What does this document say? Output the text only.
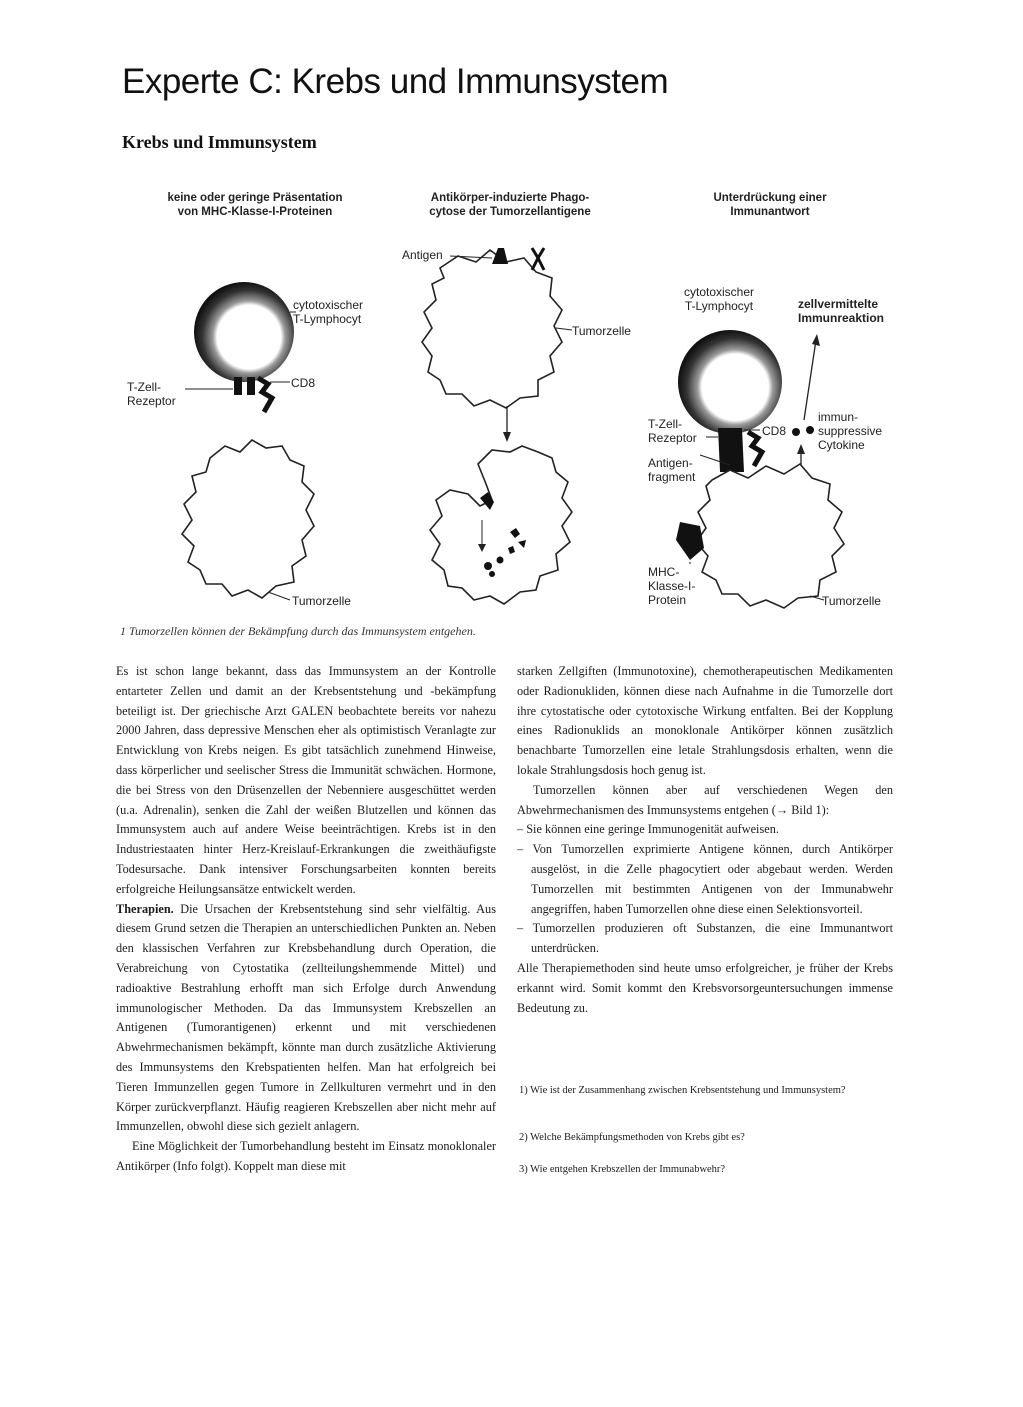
Experte C: Krebs und Immunsystem
Krebs und Immunsystem
keine oder geringe Präsentation
von MHC-Klasse-I-Proteinen
Antikörper-induzierte Phago-
cytose der Tumorzellantigene
Unterdrückung einer
Immunantwort
cytotoxischer
T-Lymphocyt
T-Zell-
Rezeptor
CD8
Tumorzelle
Antigen
Tumorzelle
cytotoxischer
T-Lymphocyt	zellvermittelte
Immunreaktion
T-Zell-
Rezeptor	CD8
immun-
suppressive
Cytokine
Antigen-
fragment
MHC-
Klasse-I-
Protein	Tumorzelle
1 Tumorzellen können der Bekämpfung durch das Immunsystem entgehen.

Es ist schon lange bekannt, dass das Immunsystem an der Kontrolle entarteter Zellen und damit an der Krebsentstehung und -bekämpfung beteiligt ist. Der griechische Arzt GALEN beobachtete bereits vor nahezu 2000 Jahren, dass depressive Menschen eher als optimistisch Veranlagte zur Entwicklung von Krebs neigen. Es gibt tatsächlich zunehmend Hinweise, dass körperlicher und seelischer Stress die Immunität schwächen. Hormone, die bei Stress von den Drüsenzellen der Nebenniere ausgeschüttet werden (u.a. Adrenalin), senken die Zahl der weißen Blutzellen und können das Immunsystem auch auf andere Weise beeinträchtigen. Krebs ist in den Industriestaaten hinter Herz-Kreislauf-Erkrankungen die zweithäufigste Todesursache. Dank intensiver Forschungsarbeiten konnten bereits erfolgreiche Heilungsansätze entwickelt werden.

Therapien. Die Ursachen der Krebsentstehung sind sehr vielfältig. Aus diesem Grund setzen die Therapien an unterschiedlichen Punkten an. Neben den klassischen Verfahren zur Krebsbehandlung durch Operation, die Verabreichung von Cytostatika (zellteilungshemmende Mittel) und radioaktive Bestrahlung erhofft man sich Erfolge durch Anwendung immunologischer Methoden. Da das Immunsystem Krebszellen an Antigenen (Tumorantigenen) erkennt und mit verschiedenen Abwehrmechanismen bekämpft, könnte man durch zusätzliche Aktivierung des Immunsystems den Krebspatienten helfen. Man hat erfolgreich bei Tieren Immunzellen gegen Tumore in Zellkulturen vermehrt und in den Körper zurückverpflanzt. Häufig reagieren Krebszellen aber nicht mehr auf Immunzellen, obwohl diese sich gezielt anlagern.

Eine Möglichkeit der Tumorbehandlung besteht im Einsatz monoklonaler Antikörper (Info folgt). Koppelt man diese mit

starken Zellgiften (Immunotoxine), chemotherapeutischen Medikamenten oder Radionukliden, können diese nach Aufnahme in die Tumorzelle dort ihre cytostatische oder cytotoxische Wirkung entfalten. Bei der Kopplung eines Radionuklids an monoklonale Antikörper können zusätzlich benachbarte Tumorzellen eine letale Strahlungsdosis erhalten, wenn die lokale Strahlungsdosis hoch genug ist.

Tumorzellen können aber auf verschiedenen Wegen den Abwehrmechanismen des Immunsystems entgehen (→ Bild 1):

– Sie können eine geringe Immunogenität aufweisen.
– Von Tumorzellen exprimierte Antigene können, durch Antikörper ausgelöst, in die Zelle phagocytiert oder abgebaut werden. Werden Tumorzellen mit bestimmten Antigenen von der Immunabwehr angegriffen, haben Tumorzellen ohne diese einen Selektionsvorteil.
– Tumorzellen produzieren oft Substanzen, die eine Immunantwort unterdrücken.

Alle Therapiemethoden sind heute umso erfolgreicher, je früher der Krebs erkannt wird. Somit kommt den Krebsvorsorgeuntersuchungen immense Bedeutung zu.

1) Wie ist der Zusammenhang zwischen Krebsentstehung und Immunsystem?
2) Welche Bekämpfungsmethoden von Krebs gibt es?
3) Wie entgehen Krebszellen der Immunabwehr?
